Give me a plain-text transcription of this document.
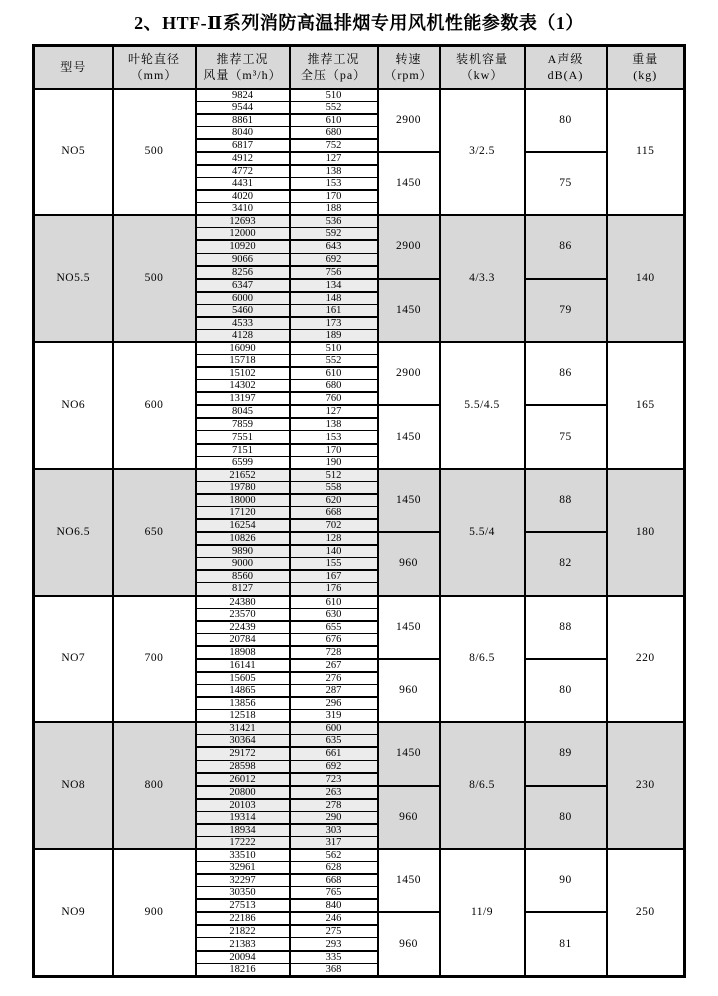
2、HTF-Ⅱ系列消防高温排烟专用风机性能参数表（1）
型号

叶轮直径
（mm）

推荐工况
风量（m³/h）

推荐工况
全压（pa）

转速
（rpm）

装机容量
（kw）

A声级
dB(A)

重量
(kg)

NO5	500	9824	510	2900	3/2.5	80	115
		9544	552				
		8861	610				
		8040	680				
		6817	752				
		4912	127	1450		75	
		4772	138				
		4431	153				
		4020	170				
		3410	188				
NO5.5	500	12693	536	2900	4/3.3	86	140
		12000	592				
		10920	643				
		9066	692				
		8256	756				
		6347	134	1450		79	
		6000	148				
		5460	161				
		4533	173				
		4128	189				
NO6	600	16090	510	2900	5.5/4.5	86	165
		15718	552				
		15102	610				
		14302	680				
		13197	760				
		8045	127	1450		75	
		7859	138				
		7551	153				
		7151	170				
		6599	190				
NO6.5	650	21652	512	1450	5.5/4	88	180
		19780	558				
		18000	620				
		17120	668				
		16254	702				
		10826	128	960		82	
		9890	140				
		9000	155				
		8560	167				
		8127	176				
NO7	700	24380	610	1450	8/6.5	88	220
		23570	630				
		22439	655				
		20784	676				
		18908	728				
		16141	267	960		80	
		15605	276				
		14865	287				
		13856	296				
		12518	319				
NO8	800	31421	600	1450	8/6.5	89	230
		30364	635				
		29172	661				
		28598	692				
		26012	723				
		20800	263	960		80	
		20103	278				
		19314	290				
		18934	303				
		17222	317				
NO9	900	33510	562	1450	11/9	90	250
		32961	628				
		32297	668				
		30350	765				
		27513	840				
		22186	246	960		81	
		21822	275				
		21383	293				
		20094	335				
		18216	368				
